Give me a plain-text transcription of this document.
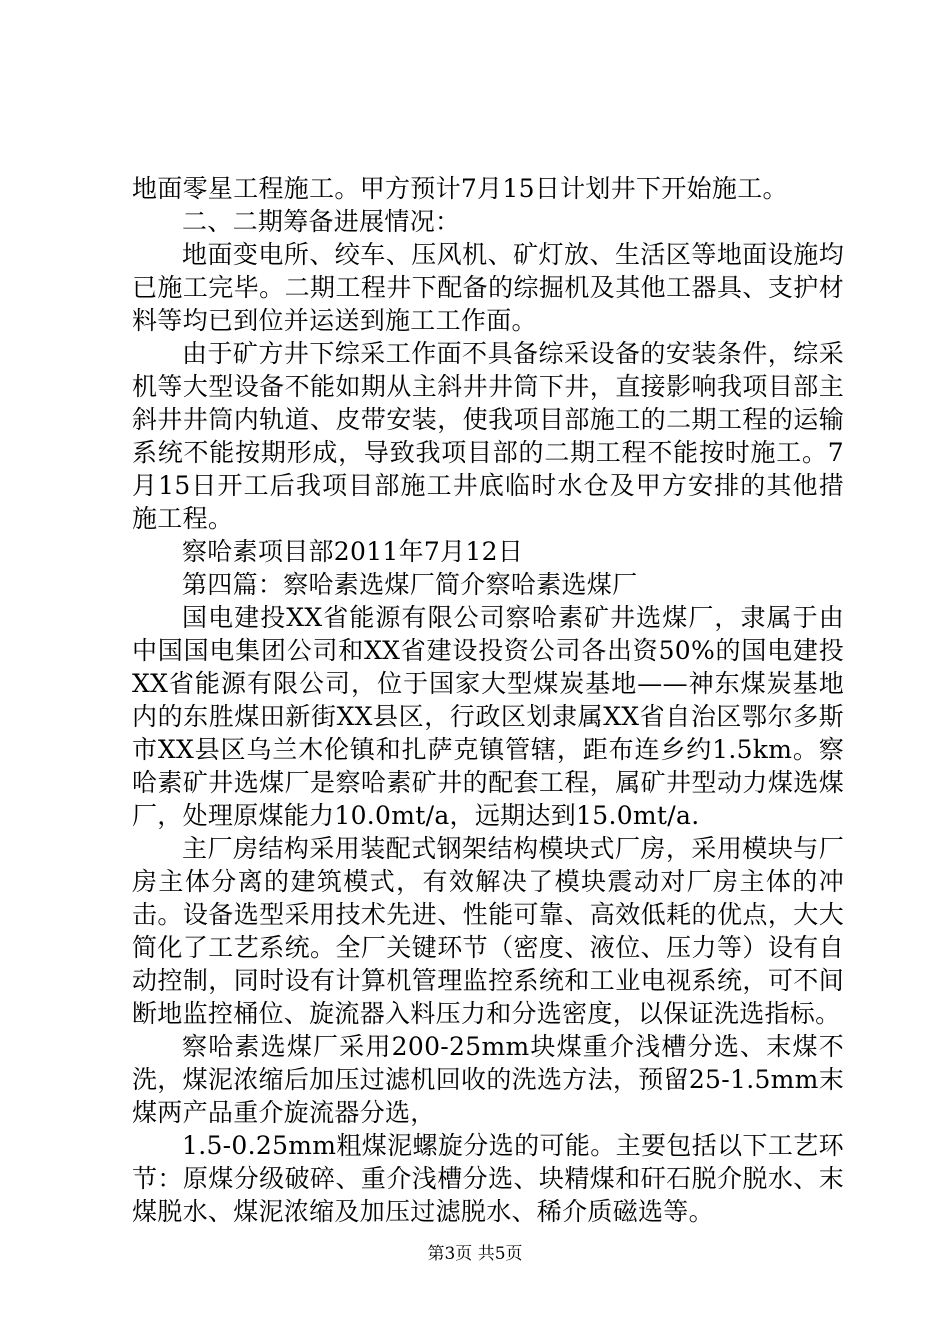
地面零星工程施工。甲方预计7月15日计划井下开始施工。

二、二期筹备进展情况：

地面变电所、绞车、压风机、矿灯放、生活区等地面设施均已施工完毕。二期工程井下配备的综掘机及其他工器具、支护材料等均已到位并运送到施工工作面。

由于矿方井下综采工作面不具备综采设备的安装条件，综采机等大型设备不能如期从主斜井井筒下井，直接影响我项目部主斜井井筒内轨道、皮带安装，使我项目部施工的二期工程的运输系统不能按期形成，导致我项目部的二期工程不能按时施工。7月15日开工后我项目部施工井底临时水仓及甲方安排的其他措施工程。

察哈素项目部2011年7月12日

第四篇：察哈素选煤厂简介察哈素选煤厂

国电建投XX省能源有限公司察哈素矿井选煤厂，隶属于由中国国电集团公司和XX省建设投资公司各出资50%的国电建投XX省能源有限公司，位于国家大型煤炭基地——神东煤炭基地内的东胜煤田新街XX县区，行政区划隶属XX省自治区鄂尔多斯市XX县区乌兰木伦镇和扎萨克镇管辖，距布连乡约1.5km。察哈素矿井选煤厂是察哈素矿井的配套工程，属矿井型动力煤选煤厂，处理原煤能力10.0mt/a，远期达到15.0mt/a.

主厂房结构采用装配式钢架结构模块式厂房，采用模块与厂房主体分离的建筑模式，有效解决了模块震动对厂房主体的冲击。设备选型采用技术先进、性能可靠、高效低耗的优点，大大简化了工艺系统。全厂关键环节（密度、液位、压力等）设有自动控制，同时设有计算机管理监控系统和工业电视系统，可不间断地监控桶位、旋流器入料压力和分选密度，以保证洗选指标。

察哈素选煤厂采用200-25mm块煤重介浅槽分选、末煤不洗，煤泥浓缩后加压过滤机回收的洗选方法，预留25-1.5mm末煤两产品重介旋流器分选，

1.5-0.25mm粗煤泥螺旋分选的可能。主要包括以下工艺环节：原煤分级破碎、重介浅槽分选、块精煤和矸石脱介脱水、末煤脱水、煤泥浓缩及加压过滤脱水、稀介质磁选等。

第3页 共5页
